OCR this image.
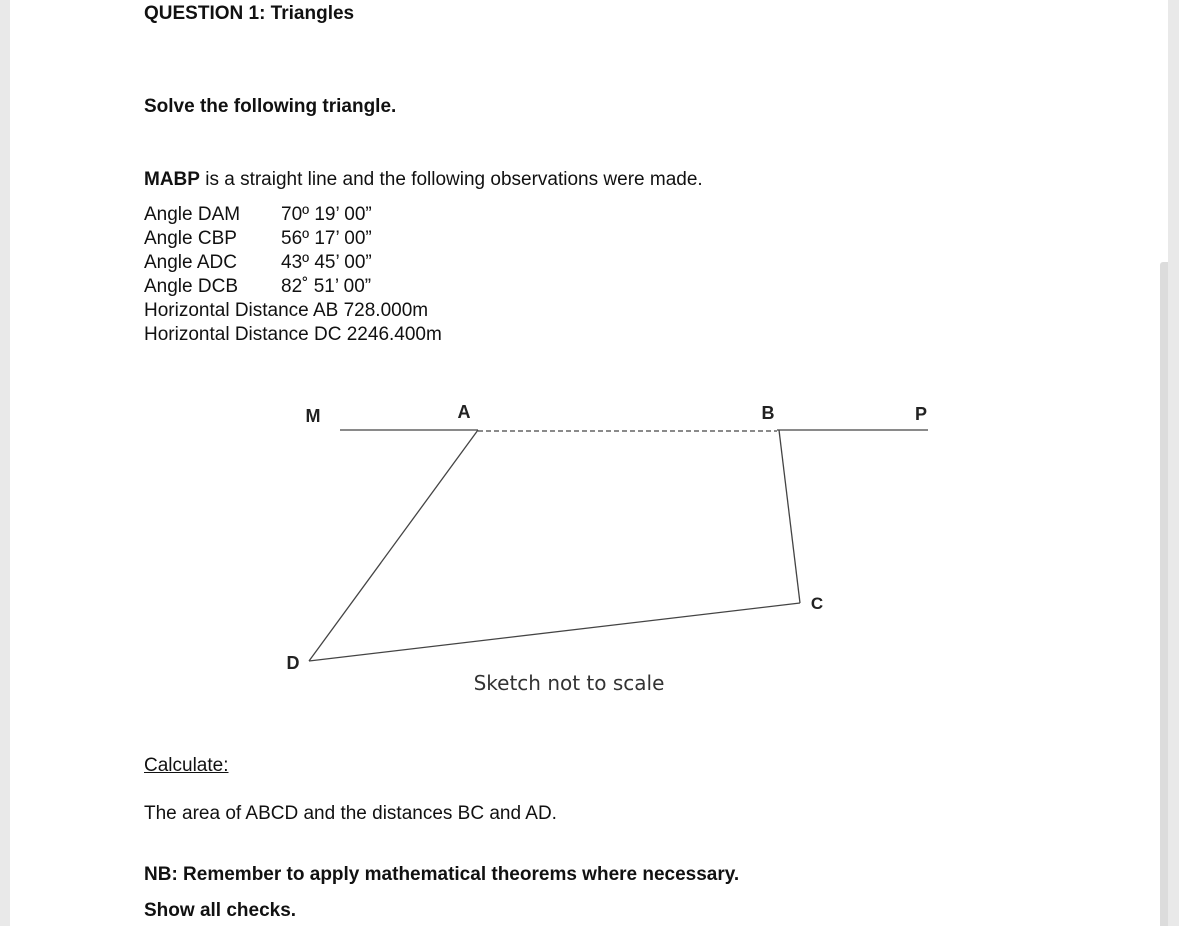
QUESTION 1: Triangles
Solve the following triangle.
MABP is a straight line and the following observations were made.
Angle DAM 70º 19’ 00”
Angle CBP 56º 17’ 00”
Angle ADC 43º 45’ 00”
Angle DCB 82˚ 51’ 00”
Horizontal Distance AB 728.000m
Horizontal Distance DC 2246.400m
M	A	B	P
C
D
Sketch not to scale
Calculate:
The area of ABCD and the distances BC and AD.
NB: Remember to apply mathematical theorems where necessary.
Show all checks.
